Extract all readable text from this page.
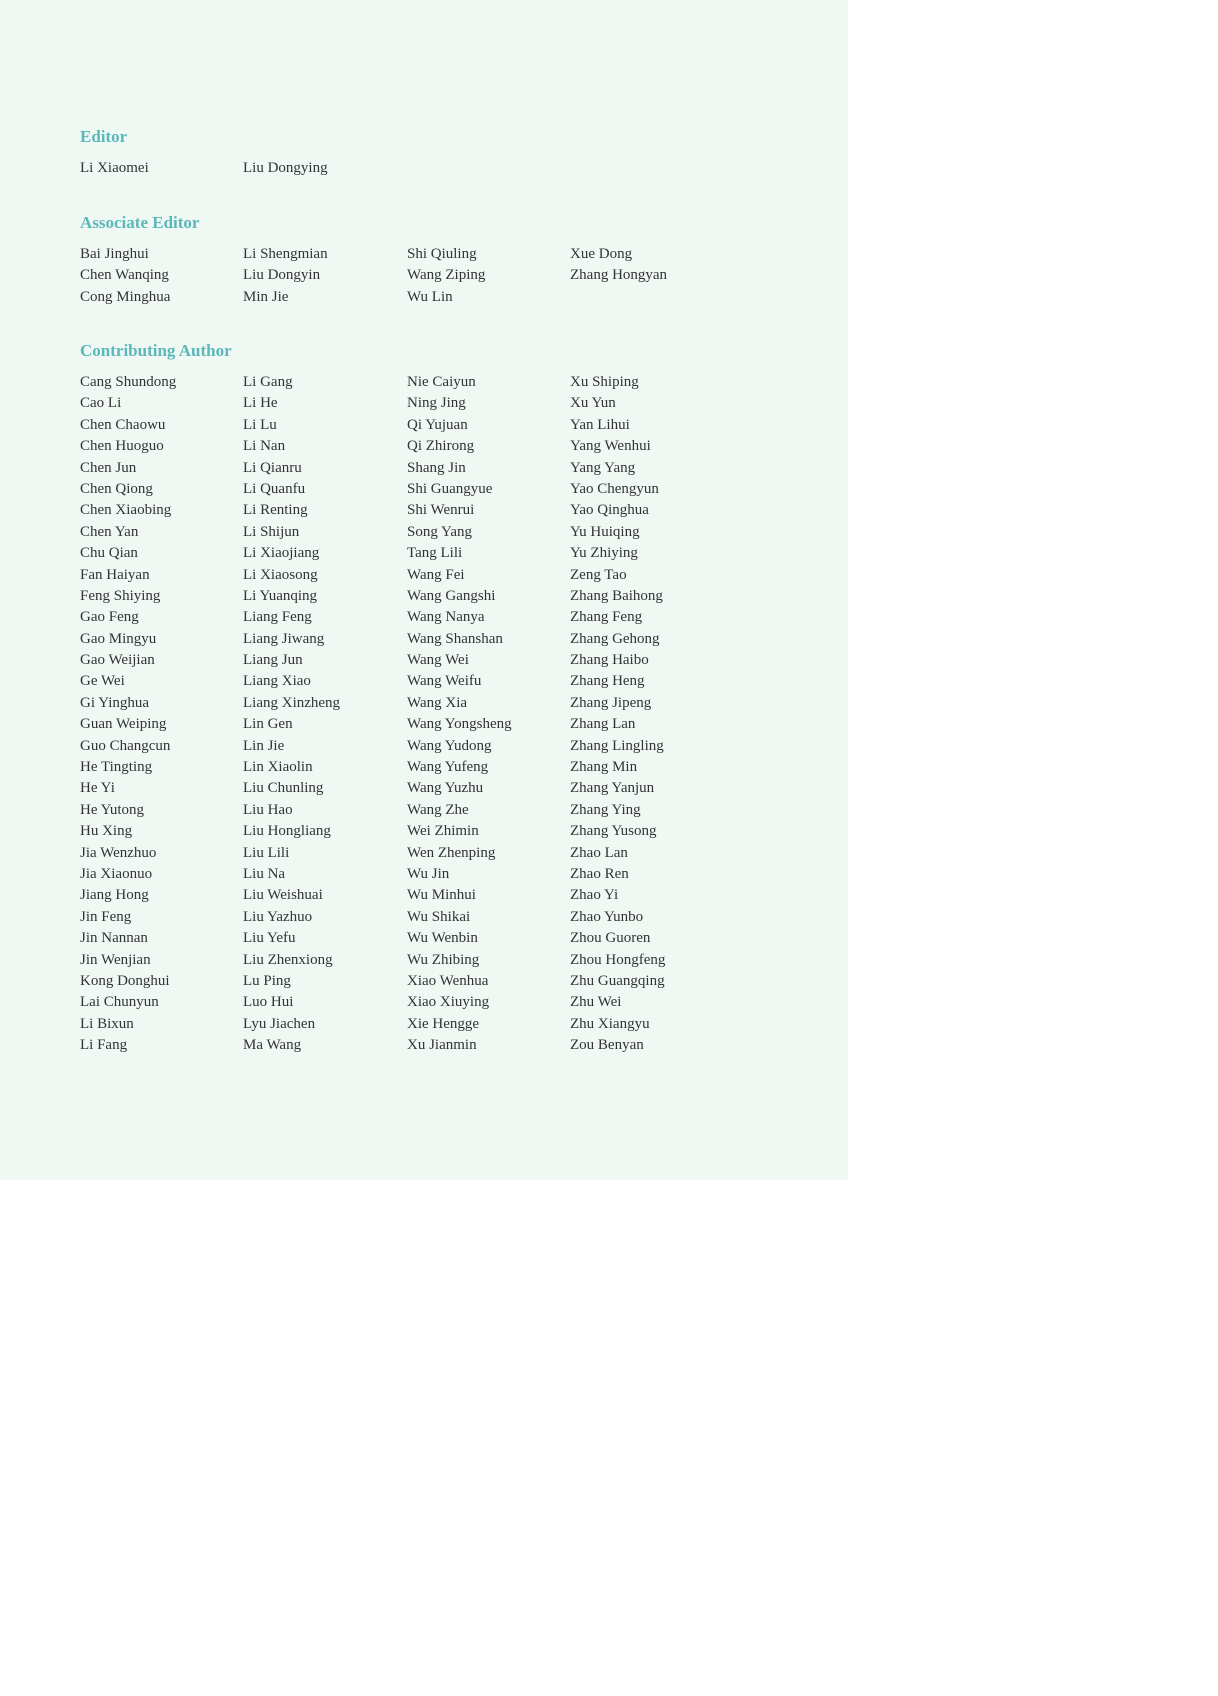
Editor
Li Xiaomei	Liu Dongying
Associate Editor
Bai Jinghui
Chen Wanqing
Cong Minghua
Li Shengmian
Liu Dongyin
Min Jie
Shi Qiuling
Wang Ziping
Wu Lin
Xue Dong
Zhang Hongyan
Contributing Author
Cang Shundong
Cao Li
Chen Chaowu
Chen Huoguo
Chen Jun
Chen Qiong
Chen Xiaobing
Chen Yan
Chu Qian
Fan Haiyan
Feng Shiying
Gao Feng
Gao Mingyu
Gao Weijian
Ge Wei
Gi Yinghua
Guan Weiping
Guo Changcun
He Tingting
He Yi
He Yutong
Hu Xing
Jia Wenzhuo
Jia Xiaonuo
Jiang Hong
Jin Feng
Jin Nannan
Jin Wenjian
Kong Donghui
Lai Chunyun
Li Bixun
Li Fang
Li Gang
Li He
Li Lu
Li Nan
Li Qianru
Li Quanfu
Li Renting
Li Shijun
Li Xiaojiang
Li Xiaosong
Li Yuanqing
Liang Feng
Liang Jiwang
Liang Jun
Liang Xiao
Liang Xinzheng
Lin Gen
Lin Jie
Lin Xiaolin
Liu Chunling
Liu Hao
Liu Hongliang
Liu Lili
Liu Na
Liu Weishuai
Liu Yazhuo
Liu Yefu
Liu Zhenxiong
Lu Ping
Luo Hui
Lyu Jiachen
Ma Wang
Nie Caiyun
Ning Jing
Qi Yujuan
Qi Zhirong
Shang Jin
Shi Guangyue
Shi Wenrui
Song Yang
Tang Lili
Wang Fei
Wang Gangshi
Wang Nanya
Wang Shanshan
Wang Wei
Wang Weifu
Wang Xia
Wang Yongsheng
Wang Yudong
Wang Yufeng
Wang Yuzhu
Wang Zhe
Wei Zhimin
Wen Zhenping
Wu Jin
Wu Minhui
Wu Shikai
Wu Wenbin
Wu Zhibing
Xiao Wenhua
Xiao Xiuying
Xie Hengge
Xu Jianmin
Xu Shiping
Xu Yun
Yan Lihui
Yang Wenhui
Yang Yang
Yao Chengyun
Yao Qinghua
Yu Huiqing
Yu Zhiying
Zeng Tao
Zhang Baihong
Zhang Feng
Zhang Gehong
Zhang Haibo
Zhang Heng
Zhang Jipeng
Zhang Lan
Zhang Lingling
Zhang Min
Zhang Yanjun
Zhang Ying
Zhang Yusong
Zhao Lan
Zhao Ren
Zhao Yi
Zhao Yunbo
Zhou Guoren
Zhou Hongfeng
Zhu Guangqing
Zhu Wei
Zhu Xiangyu
Zou Benyan
